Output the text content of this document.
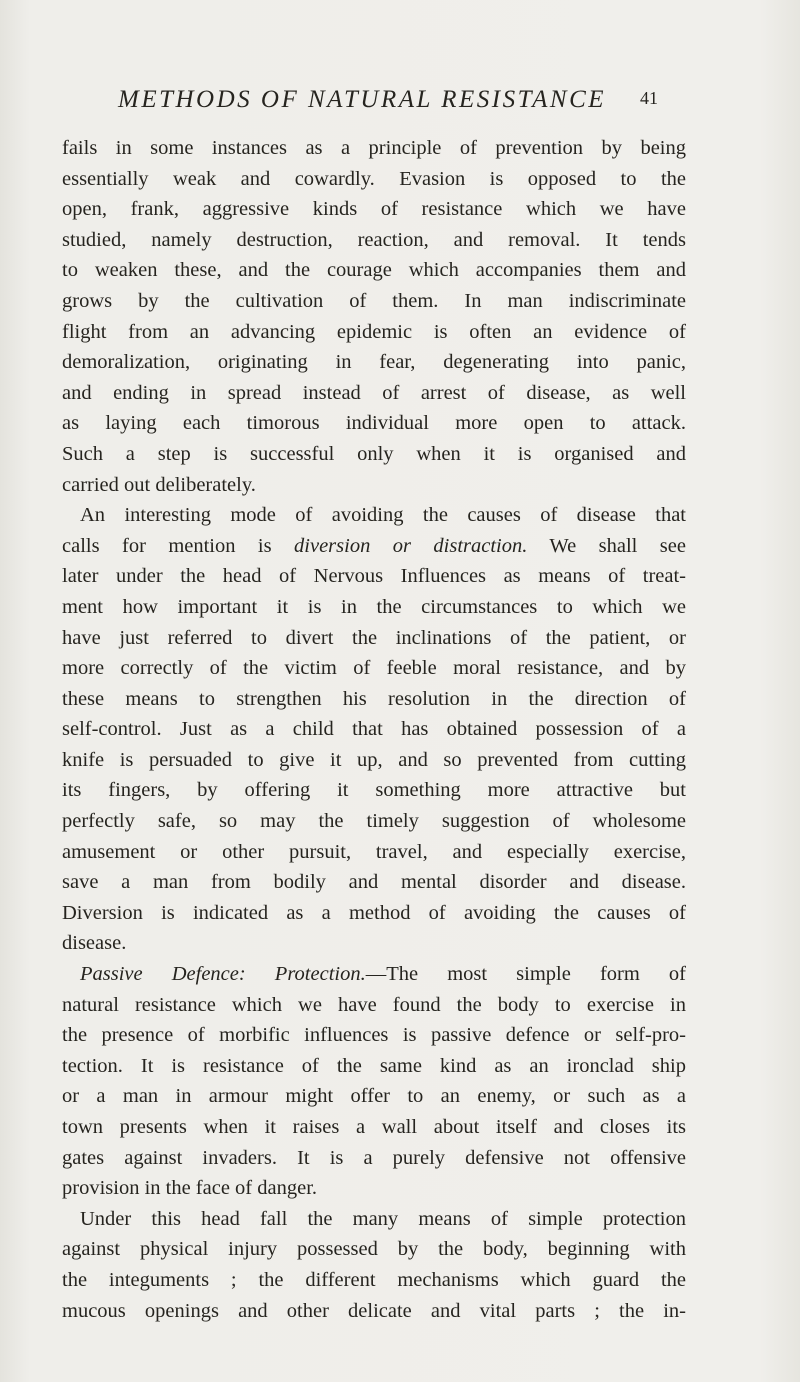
METHODS OF NATURAL RESISTANCE	41
fails in some instances as a principle of prevention by being
essentially weak and cowardly. Evasion is opposed to the
open, frank, aggressive kinds of resistance which we have
studied, namely destruction, reaction, and removal. It tends
to weaken these, and the courage which accompanies them and
grows by the cultivation of them. In man indiscriminate
flight from an advancing epidemic is often an evidence of
demoralization, originating in fear, degenerating into panic,
and ending in spread instead of arrest of disease, as well
as laying each timorous individual more open to attack.
Such a step is successful only when it is organised and
carried out deliberately.
An interesting mode of avoiding the causes of disease that
calls for mention is diversion or distraction. We shall see
later under the head of Nervous Influences as means of treat-
ment how important it is in the circumstances to which we
have just referred to divert the inclinations of the patient, or
more correctly of the victim of feeble moral resistance, and by
these means to strengthen his resolution in the direction of
self-control. Just as a child that has obtained possession of a
knife is persuaded to give it up, and so prevented from cutting
its fingers, by offering it something more attractive but
perfectly safe, so may the timely suggestion of wholesome
amusement or other pursuit, travel, and especially exercise,
save a man from bodily and mental disorder and disease.
Diversion is indicated as a method of avoiding the causes of
disease.
Passive Defence: Protection.—The most simple form of
natural resistance which we have found the body to exercise in
the presence of morbific influences is passive defence or self-pro-
tection. It is resistance of the same kind as an ironclad ship
or a man in armour might offer to an enemy, or such as a
town presents when it raises a wall about itself and closes its
gates against invaders. It is a purely defensive not offensive
provision in the face of danger.
Under this head fall the many means of simple protection
against physical injury possessed by the body, beginning with
the integuments ; the different mechanisms which guard the
mucous openings and other delicate and vital parts ; the in-
